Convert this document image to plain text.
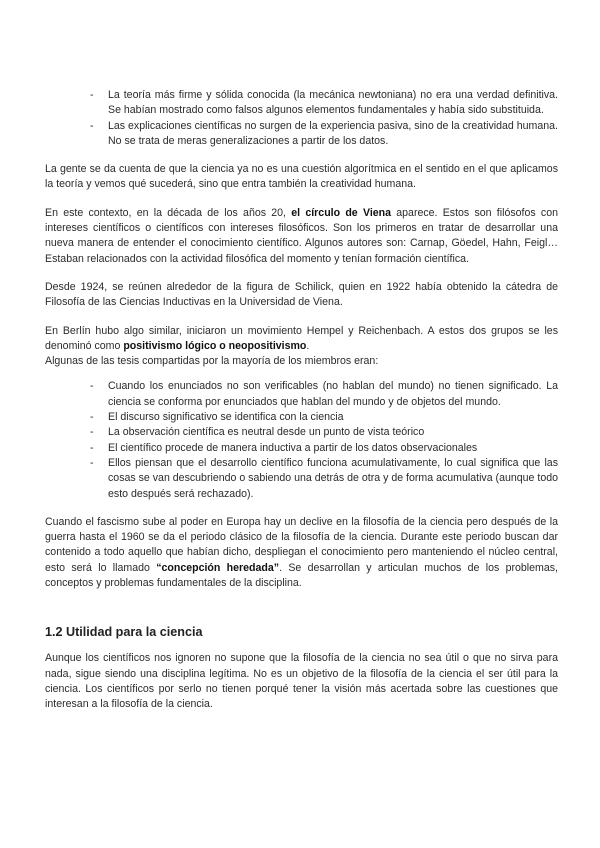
- La teoría más firme y sólida conocida (la mecánica newtoniana) no era una verdad definitiva. Se habían mostrado como falsos algunos elementos fundamentales y había sido substituida.
- Las explicaciones científicas no surgen de la experiencia pasiva, sino de la creatividad humana. No se trata de meras generalizaciones a partir de los datos.

La gente se da cuenta de que la ciencia ya no es una cuestión algorítmica en el sentido en el que aplicamos la teoría y vemos qué sucederá, sino que entra también la creatividad humana.

En este contexto, en la década de los años 20, el círculo de Viena aparece. Estos son filósofos con intereses científicos o científicos con intereses filosóficos. Son los primeros en tratar de desarrollar una nueva manera de entender el conocimiento científico. Algunos autores son: Carnap, Göedel, Hahn, Feigl… Estaban relacionados con la actividad filosófica del momento y tenían formación científica.

Desde 1924, se reúnen alrededor de la figura de Schilick, quien en 1922 había obtenido la cátedra de Filosofía de las Ciencias Inductivas en la Universidad de Viena.

En Berlín hubo algo similar, iniciaron un movimiento Hempel y Reichenbach. A estos dos grupos se les denominó como positivismo lógico o neopositivismo.
Algunas de las tesis compartidas por la mayoría de los miembros eran:

- Cuando los enunciados no son verificables (no hablan del mundo) no tienen significado. La ciencia se conforma por enunciados que hablan del mundo y de objetos del mundo.
- El discurso significativo se identifica con la ciencia
- La observación científica es neutral desde un punto de vista teórico
- El científico procede de manera inductiva a partir de los datos observacionales
- Ellos piensan que el desarrollo científico funciona acumulativamente, lo cual significa que las cosas se van descubriendo o sabiendo una detrás de otra y de forma acumulativa (aunque todo esto después será rechazado).

Cuando el fascismo sube al poder en Europa hay un declive en la filosofía de la ciencia pero después de la guerra hasta el 1960 se da el periodo clásico de la filosofía de la ciencia. Durante este periodo buscan dar contenido a todo aquello que habían dicho, despliegan el conocimiento pero manteniendo el núcleo central, esto será lo llamado “concepción heredada”. Se desarrollan y articulan muchos de los problemas, conceptos y problemas fundamentales de la disciplina.

1.2 Utilidad para la ciencia

Aunque los científicos nos ignoren no supone que la filosofía de la ciencia no sea útil o que no sirva para nada, sigue siendo una disciplina legítima. No es un objetivo de la filosofía de la ciencia el ser útil para la ciencia. Los científicos por serlo no tienen porqué tener la visión más acertada sobre las cuestiones que interesan a la filosofía de la ciencia.
